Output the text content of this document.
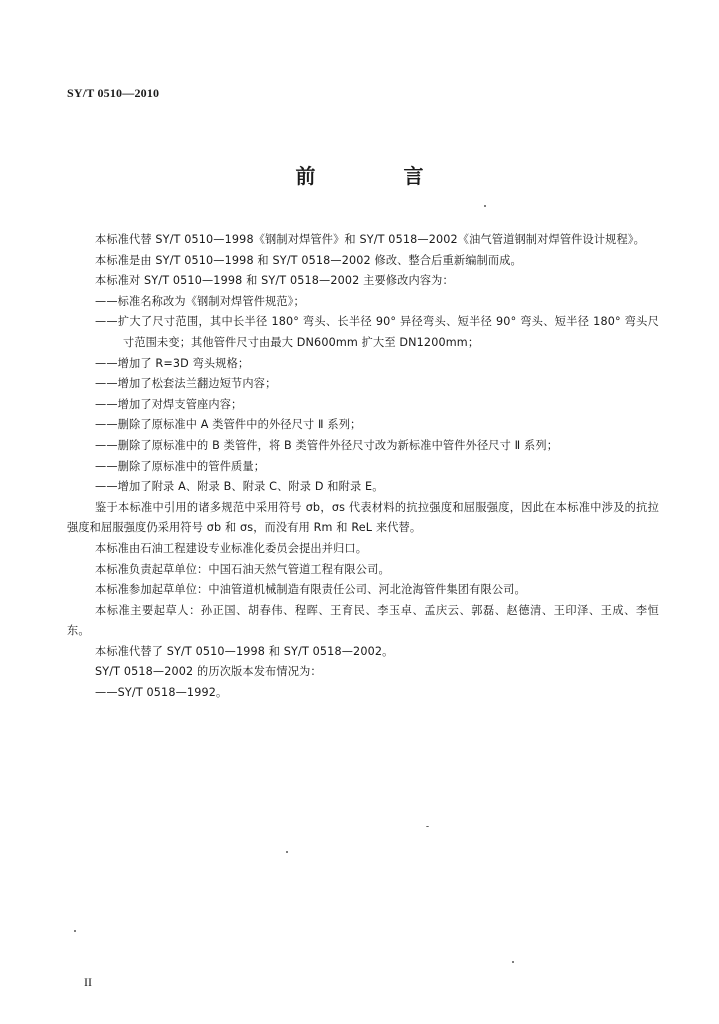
SY/T 0510—2010
前　言

本标准代替 SY/T 0510—1998《钢制对焊管件》和 SY/T 0518—2002《油气管道钢制对焊管件设计规程》。

本标准是由 SY/T 0510—1998 和 SY/T 0518—2002 修改、整合后重新编制而成。

本标准对 SY/T 0510—1998 和 SY/T 0518—2002 主要修改内容为：

——标准名称改为《钢制对焊管件规范》；

——扩大了尺寸范围，其中长半径 180° 弯头、长半径 90° 异径弯头、短半径 90° 弯头、短半径 180° 弯头尺寸范围未变；其他管件尺寸由最大 DN600mm 扩大至 DN1200mm；

——增加了 R=3D 弯头规格；

——增加了松套法兰翻边短节内容；

——增加了对焊支管座内容；

——删除了原标准中 A 类管件中的外径尺寸 Ⅱ 系列；

——删除了原标准中的 B 类管件，将 B 类管件外径尺寸改为新标准中管件外径尺寸 Ⅱ 系列；

——删除了原标准中的管件质量；

——增加了附录 A、附录 B、附录 C、附录 D 和附录 E。

鉴于本标准中引用的诸多规范中采用符号 σb，σs 代表材料的抗拉强度和屈服强度，因此在本标准中涉及的抗拉强度和屈服强度仍采用符号 σb 和 σs，而没有用 Rm 和 ReL 来代替。

本标准由石油工程建设专业标准化委员会提出并归口。

本标准负责起草单位：中国石油天然气管道工程有限公司。

本标准参加起草单位：中油管道机械制造有限责任公司、河北沧海管件集团有限公司。

本标准主要起草人：孙正国、胡春伟、程晖、王育民、李玉卓、孟庆云、郭磊、赵德清、王印泽、王成、李恒东。

本标准代替了 SY/T 0510—1998 和 SY/T 0518—2002。

SY/T 0518—2002 的历次版本发布情况为：

——SY/T 0518—1992。

II
